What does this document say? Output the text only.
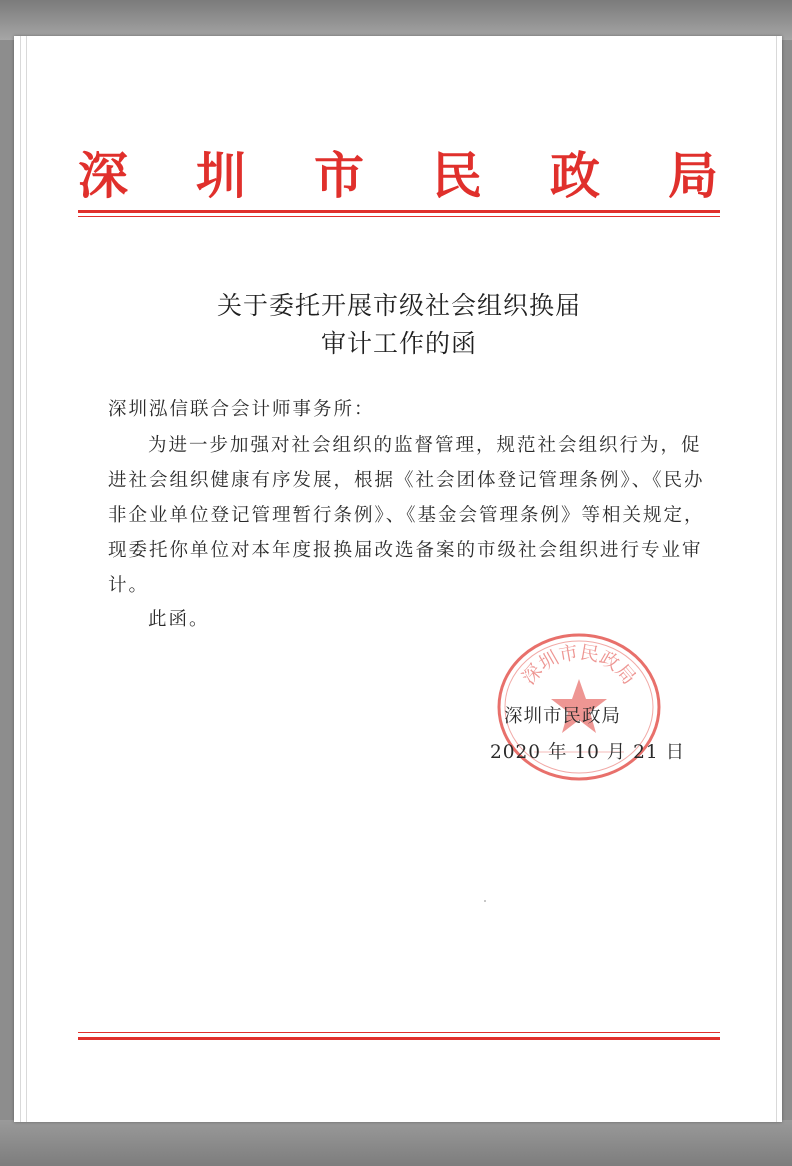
深 圳 市 民 政 局
关于委托开展市级社会组织换届
审计工作的函
深圳泓信联合会计师事务所：
为进一步加强对社会组织的监督管理，规范社会组织行为，促进社会组织健康有序发展，根据《社会团体登记管理条例》、《民办非企业单位登记管理暂行条例》、《基金会管理条例》等相关规定，现委托你单位对本年度报换届改选备案的市级社会组织进行专业审计。
此函。
深圳市民政局
深圳市民政局
2020 年 10 月 21 日
